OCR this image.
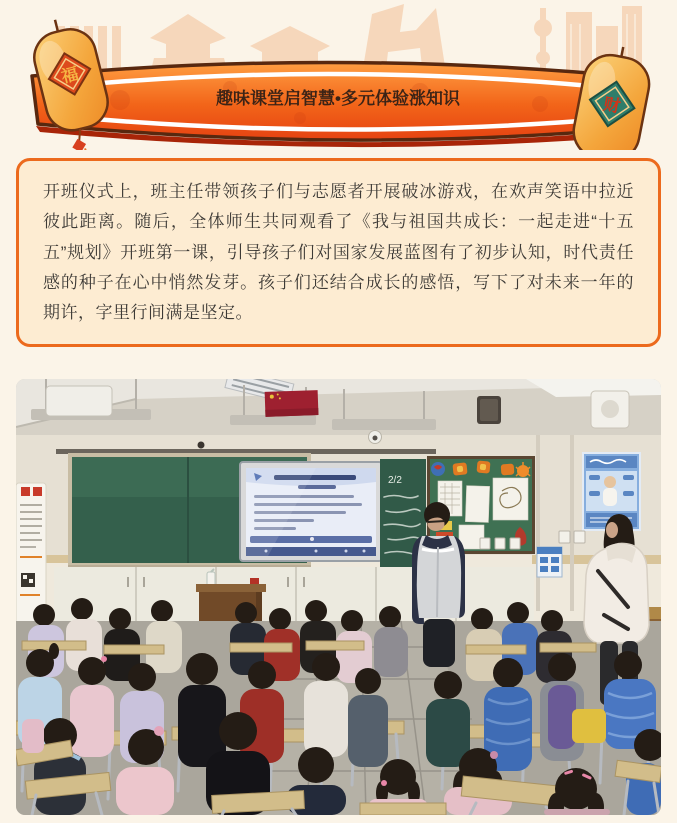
趣味课堂启智慧•多元体验涨知识
福
财

开班仪式上，班主任带领孩子们与志愿者开展破冰游戏，在欢声笑语中拉近彼此距离。随后，全体师生共同观看了《我与祖国共成长：一起走进“十五五”规划》开班第一课，引导孩子们对国家发展蓝图有了初步认知，时代责任感的种子在心中悄然发芽。孩子们还结合成长的感悟，写下了对未来一年的期许，字里行间满是坚定。

2/2
